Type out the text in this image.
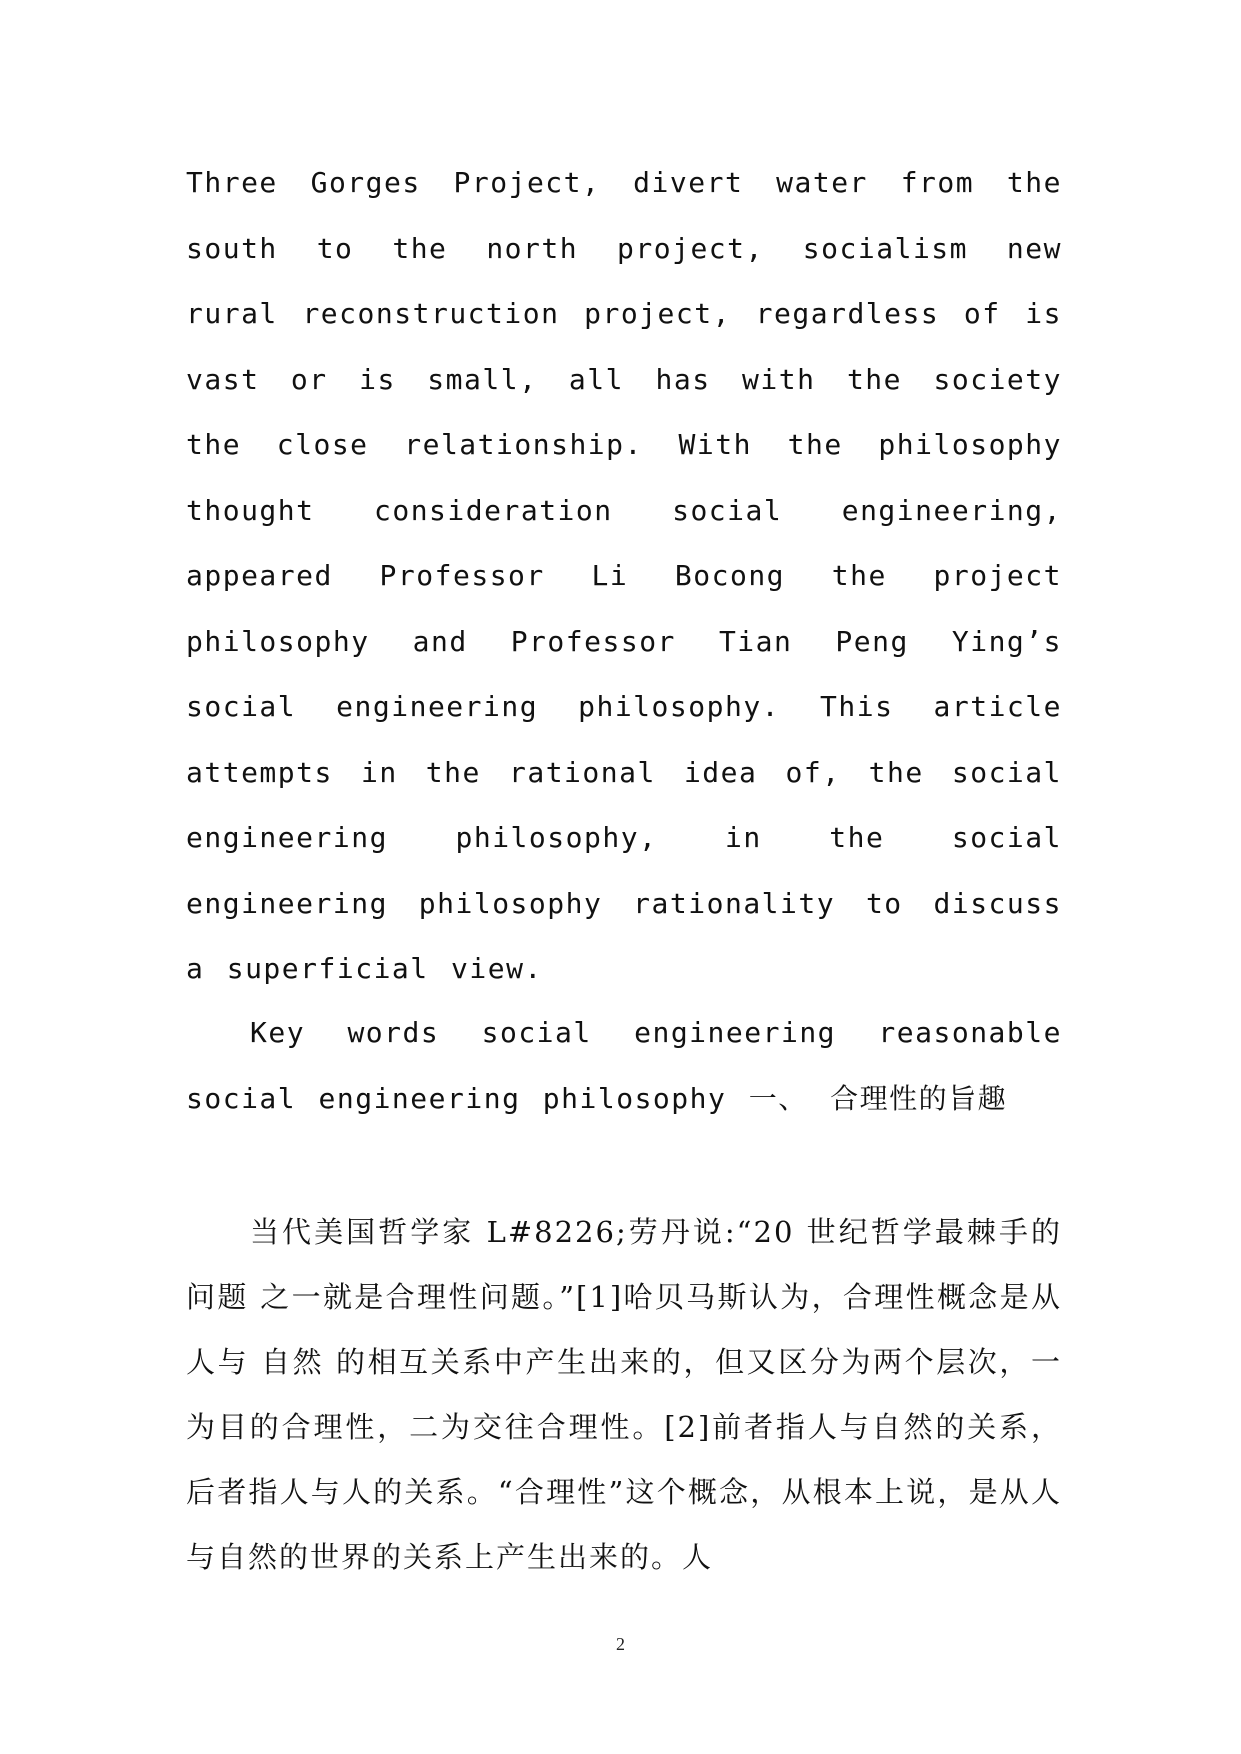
Three Gorges Project, divert water from the south to the north project, socialism new rural reconstruction project, regardless of is vast or is small, all has with the society the close relationship. With the philosophy thought consideration social engineering, appeared Professor Li Bocong the project philosophy and Professor Tian Peng Ying’s social engineering philosophy. This article attempts in the rational idea of, the social engineering philosophy, in the social engineering philosophy rationality to discuss a superficial view.

Key words social engineering reasonable social engineering philosophy 一、 合理性的旨趣

当代美国哲学家 L#8226;劳丹说:“20 世纪哲学最棘手的 问题 之一就是合理性问题。”[1]哈贝马斯认为，合理性概念是从人与 自然 的相互关系中产生出来的，但又区分为两个层次，一为目的合理性，二为交往合理性。[2]前者指人与自然的关系，后者指人与人的关系。“合理性”这个概念，从根本上说，是从人与自然的世界的关系上产生出来的。人

2
